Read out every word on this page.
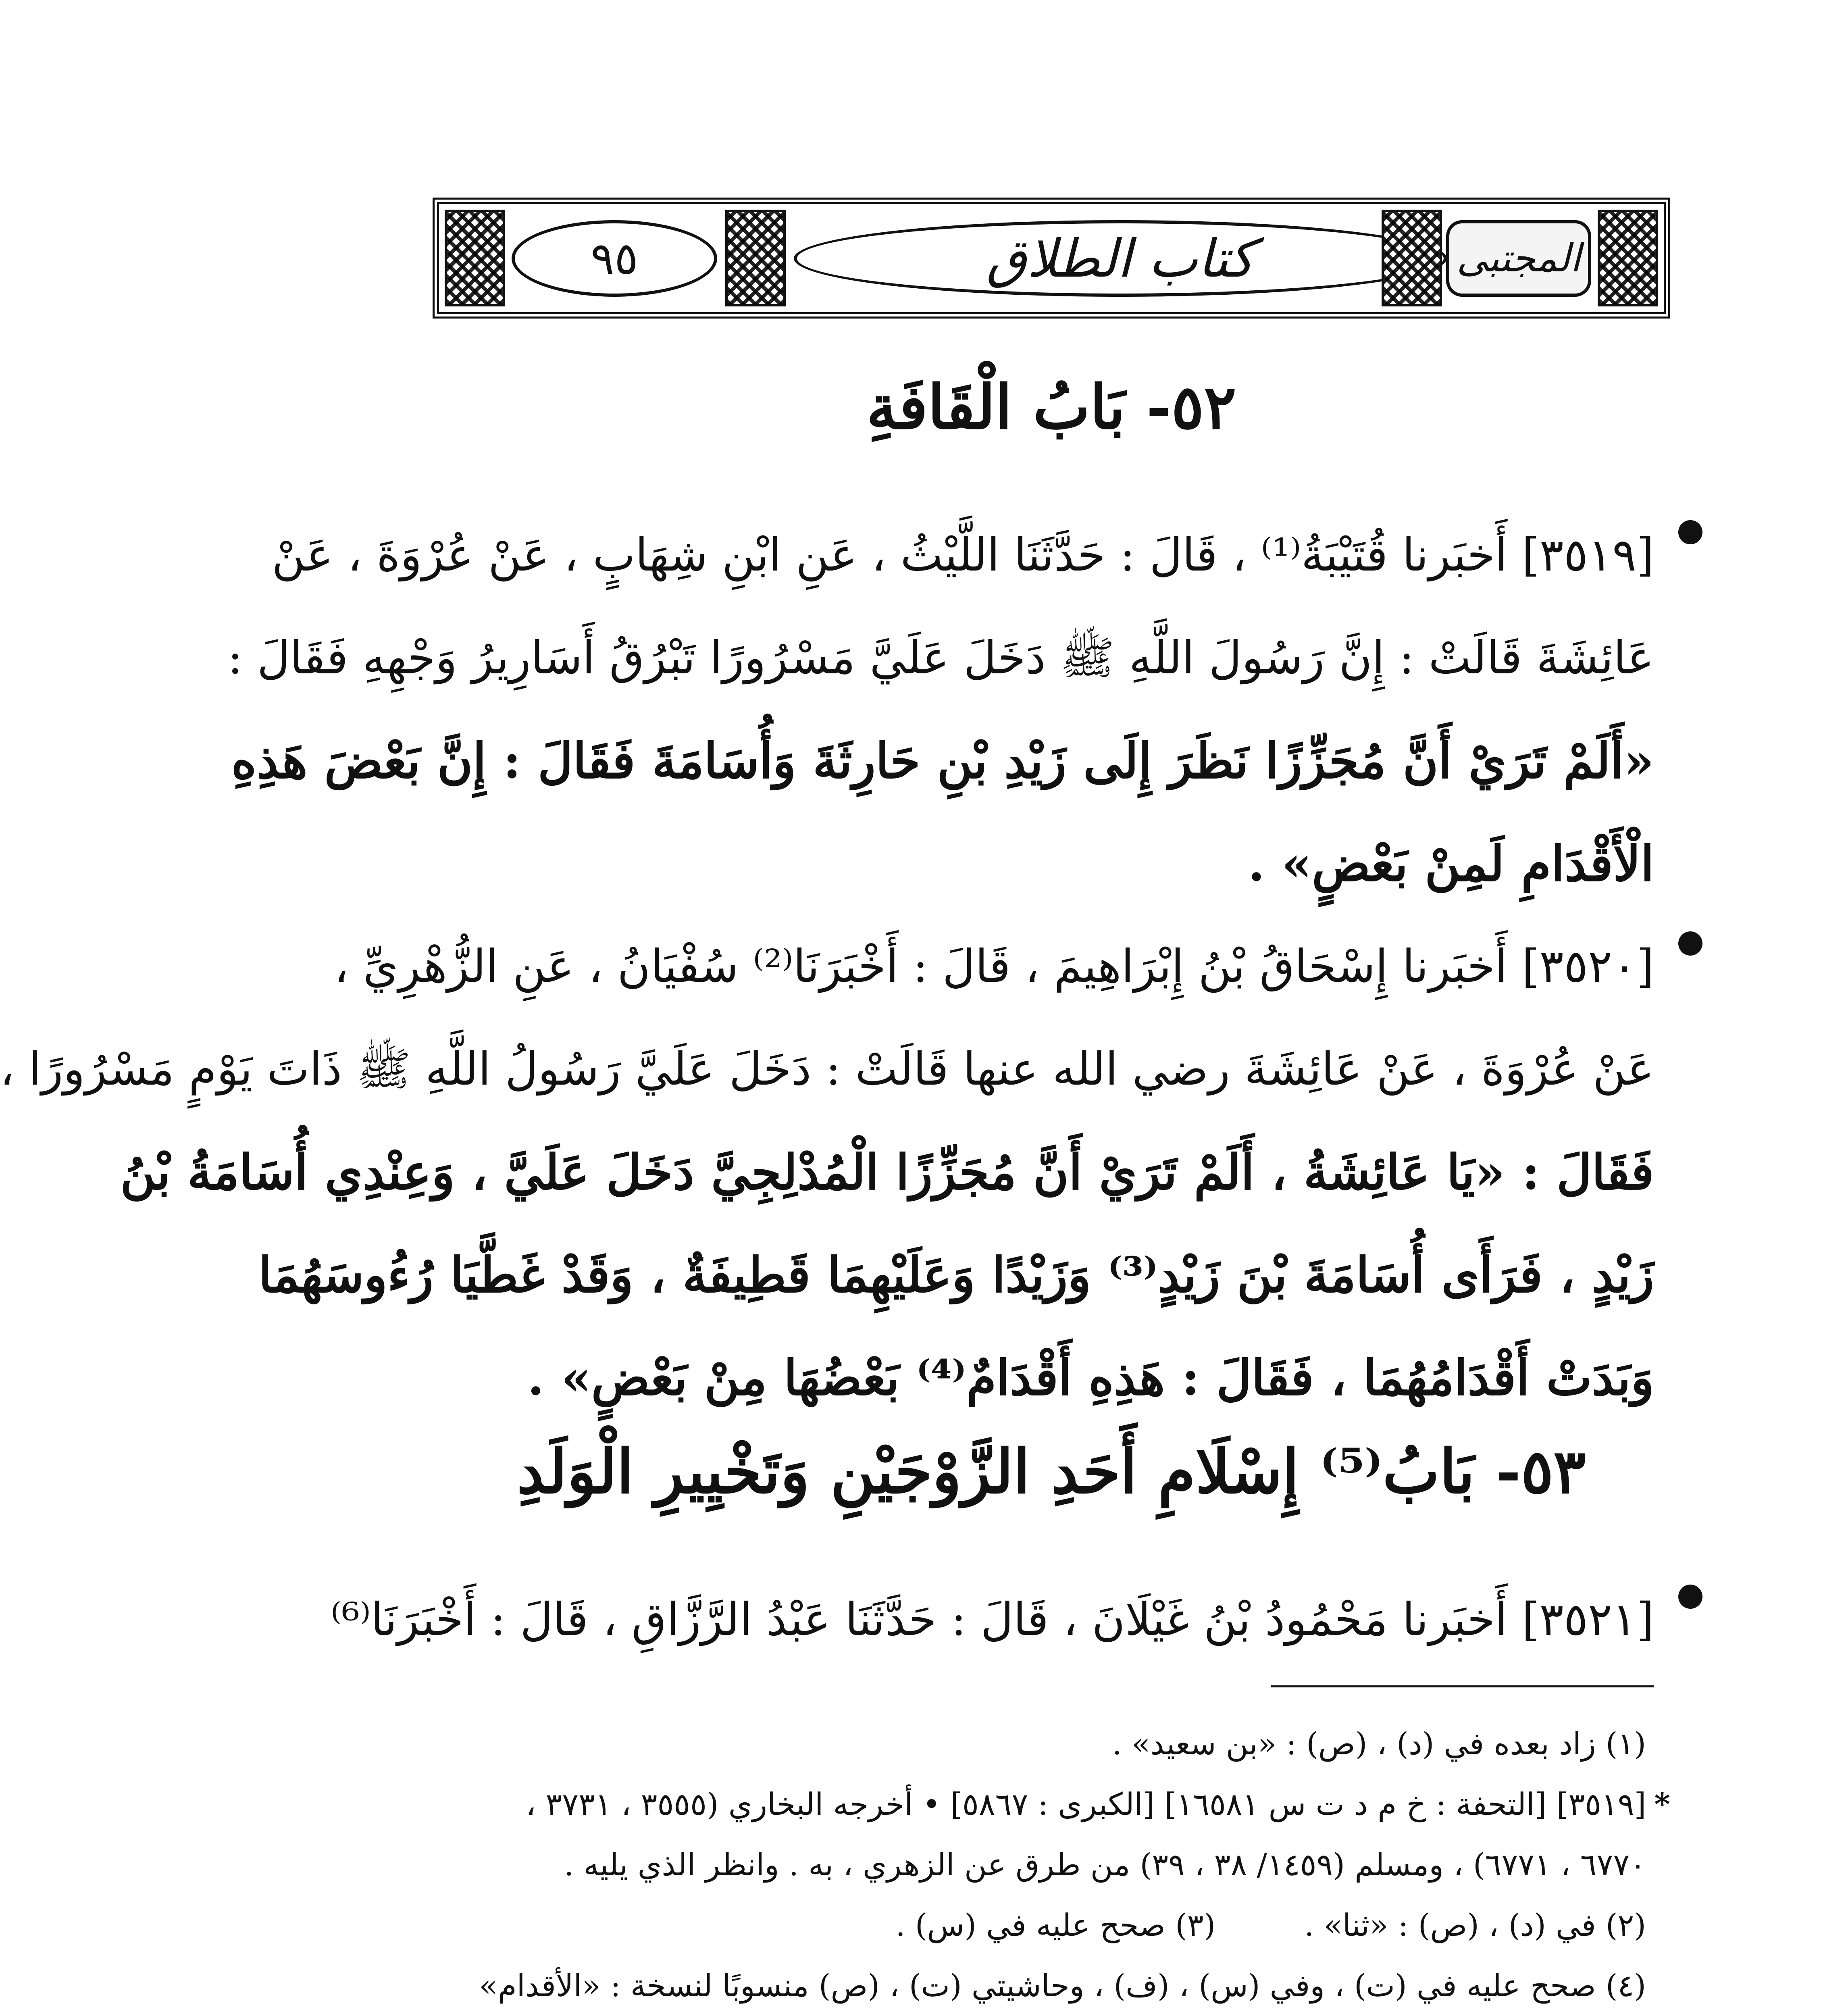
٩٥	كتاب الطلاق	المجتبى
٥٢- بَابُ الْقَافَةِ
[٣٥١٩] أَخبَرنا قُتَيْبَةُ⁽¹⁾ ، قَالَ : حَدَّثَنَا اللَّيْثُ ، عَنِ ابْنِ شِهَابٍ ، عَنْ عُرْوَةَ ، عَنْ
عَائِشَةَ قَالَتْ : إِنَّ رَسُولَ اللَّهِ ﷺ دَخَلَ عَلَيَّ مَسْرُورًا تَبْرُقُ أَسَارِيرُ وَجْهِهِ فَقَالَ :
«أَلَمْ تَرَيْ أَنَّ مُجَزِّزًا نَظَرَ إِلَى زَيْدِ بْنِ حَارِثَةَ وَأُسَامَةَ فَقَالَ : إِنَّ بَعْضَ هَذِهِ
الْأَقْدَامِ لَمِنْ بَعْضٍ» .
[٣٥٢٠] أَخبَرنا إِسْحَاقُ بْنُ إِبْرَاهِيمَ ، قَالَ : أَخْبَرَنَا⁽²⁾ سُفْيَانُ ، عَنِ الزُّهْرِيِّ ،
عَنْ عُرْوَةَ ، عَنْ عَائِشَةَ رضي الله عنها قَالَتْ : دَخَلَ عَلَيَّ رَسُولُ اللَّهِ ﷺ ذَاتَ يَوْمٍ مَسْرُورًا ،
فَقَالَ : «يَا عَائِشَةُ ، أَلَمْ تَرَيْ أَنَّ مُجَزِّزًا الْمُدْلِجِيَّ دَخَلَ عَلَيَّ ، وَعِنْدِي أُسَامَةُ بْنُ
زَيْدٍ ، فَرَأَى أُسَامَةَ بْنَ زَيْدٍ⁽³⁾ وَزَيْدًا وَعَلَيْهِمَا قَطِيفَةٌ ، وَقَدْ غَطَّيَا رُءُوسَهُمَا
وَبَدَتْ أَقْدَامُهُمَا ، فَقَالَ : هَذِهِ أَقْدَامٌ⁽⁴⁾ بَعْضُهَا مِنْ بَعْضٍ» .
٥٣- بَابُ⁽⁵⁾ إِسْلَامِ أَحَدِ الزَّوْجَيْنِ وَتَخْيِيرِ الْوَلَدِ
[٣٥٢١] أَخبَرنا مَحْمُودُ بْنُ غَيْلَانَ ، قَالَ : حَدَّثَنَا عَبْدُ الرَّزَّاقِ ، قَالَ : أَخْبَرَنَا⁽⁶⁾
(١) زاد بعده في (د) ، (ص) : «بن سعيد» .
*[٣٥١٩] [التحفة : خ م د ت س ١٦٥٨١] [الكبرى : ٥٨٦٧] • أخرجه البخاري (٣٥٥٥ ، ٣٧٣١ ،
٦٧٧٠ ، ٦٧٧١) ، ومسلم (١٤٥٩/ ٣٨ ، ٣٩) من طرق عن الزهري ، به . وانظر الذي يليه .
(٢) في (د) ، (ص) : «ثنا» .
(٣) صحح عليه في (س) .
(٤) صحح عليه في (ت) ، وفي (س) ، (ف) ، وحاشيتي (ت) ، (ص) منسوبًا لنسخة : «الأقدام»
